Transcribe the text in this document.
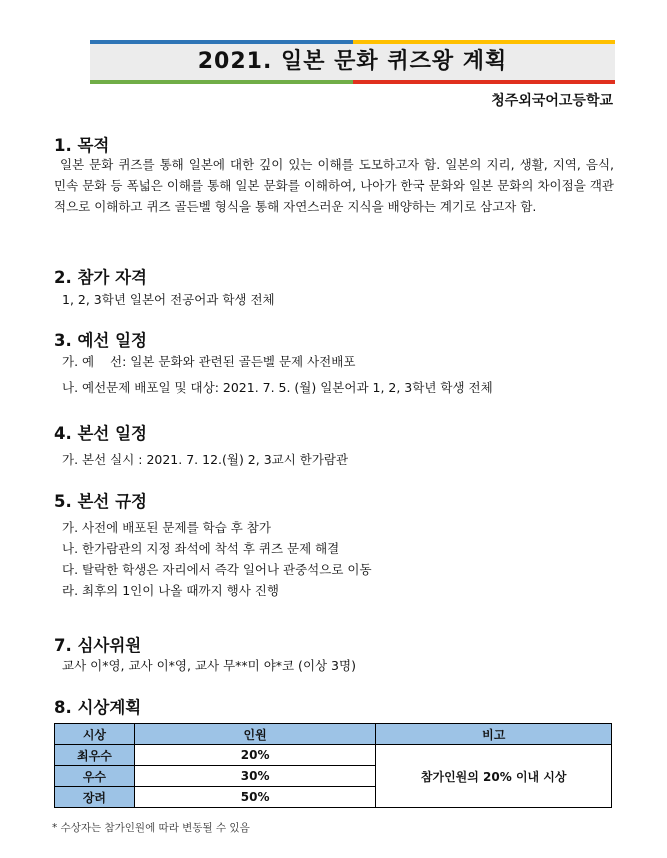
2021. 일본 문화 퀴즈왕 계획
청주외국어고등학교
1. 목적

일본 문화 퀴즈를 통해 일본에 대한 깊이 있는 이해를 도모하고자 함. 일본의 지리, 생활, 지역, 음식, 민속 문화 등 폭넓은 이해를 통해 일본 문화를 이해하여, 나아가 한국 문화와 일본 문화의 차이점을 객관적으로 이해하고 퀴즈 골든벨 형식을 통해 자연스러운 지식을 배양하는 계기로 삼고자 함.

2. 참가 자격
1, 2, 3학년 일본어 전공어과 학생 전체
3. 예선 일정
가. 예    선: 일본 문화와 관련된 골든벨 문제 사전배포
나. 예선문제 배포일 및 대상: 2021. 7. 5. (월) 일본어과 1, 2, 3학년 학생 전체
4. 본선 일정
가. 본선 실시 : 2021. 7. 12.(월) 2, 3교시 한가람관
5. 본선 규정
가. 사전에 배포된 문제를 학습 후 참가
나. 한가람관의 지정 좌석에 착석 후 퀴즈 문제 해결
다. 탈락한 학생은 자리에서 즉각 일어나 관중석으로 이동
라. 최후의 1인이 나올 때까지 행사 진행
7. 심사위원
교사 이*영, 교사 이*영, 교사 무**미 야*코 (이상 3명)
8. 시상계획
시상	인원	비고
최우수	20%	참가인원의 20% 이내 시상
우수	30%	
장려	50%	
* 수상자는 참가인원에 따라 변동될 수 있음
